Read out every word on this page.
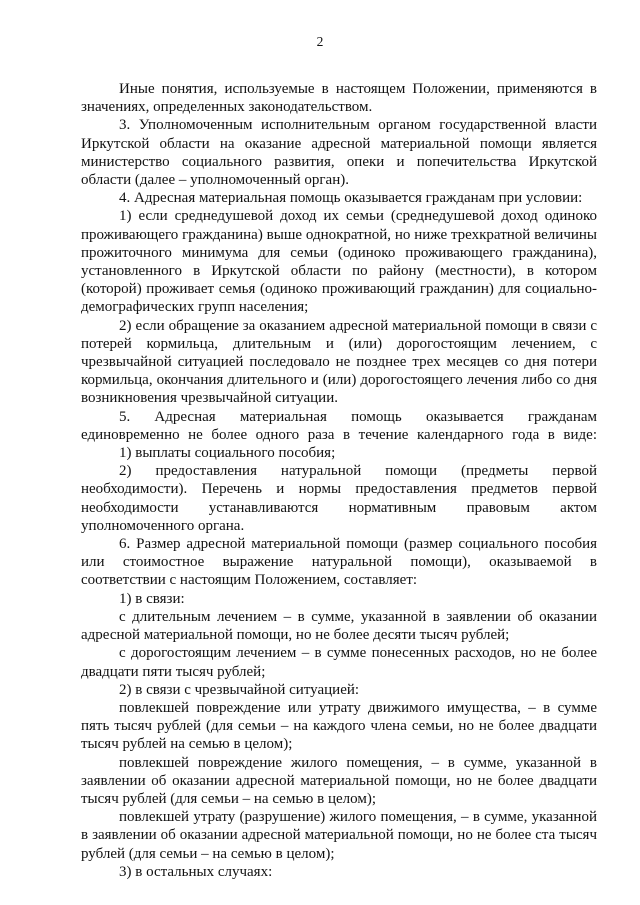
2

Иные понятия, используемые в настоящем Положении, применяются в значениях, определенных законодательством.

3. Уполномоченным исполнительным органом государственной власти Иркутской области на оказание адресной материальной помощи является министерство социального развития, опеки и попечительства Иркутской области (далее – уполномоченный орган).

4. Адресная материальная помощь оказывается гражданам при условии:

1) если среднедушевой доход их семьи (среднедушевой доход одиноко проживающего гражданина) выше однократной, но ниже трехкратной величины прожиточного минимума для семьи (одиноко проживающего гражданина), установленного в Иркутской области по району (местности), в котором (которой) проживает семья (одиноко проживающий гражданин) для социально-демографических групп населения;

2) если обращение за оказанием адресной материальной помощи в связи с потерей кормильца, длительным и (или) дорогостоящим лечением, с чрезвычайной ситуацией последовало не позднее трех месяцев со дня потери кормильца, окончания длительного и (или) дорогостоящего лечения либо со дня возникновения чрезвычайной ситуации.

5. Адресная материальная помощь оказывается гражданам единовременно не более одного раза в течение календарного года в виде:

1) выплаты социального пособия;

2) предоставления натуральной помощи (предметы первой необходимости). Перечень и нормы предоставления предметов первой необходимости устанавливаются нормативным правовым актом уполномоченного органа.

6. Размер адресной материальной помощи (размер социального пособия или стоимостное выражение натуральной помощи), оказываемой в соответствии с настоящим Положением, составляет:

1) в связи:

с длительным лечением – в сумме, указанной в заявлении об оказании адресной материальной помощи, но не более десяти тысяч рублей;

с дорогостоящим лечением – в сумме понесенных расходов, но не более двадцати пяти тысяч рублей;

2) в связи с чрезвычайной ситуацией:

повлекшей повреждение или утрату движимого имущества, – в сумме пять тысяч рублей (для семьи – на каждого члена семьи, но не более двадцати тысяч рублей на семью в целом);

повлекшей повреждение жилого помещения, – в сумме, указанной в заявлении об оказании адресной материальной помощи, но не более двадцати тысяч рублей (для семьи – на семью в целом);

повлекшей утрату (разрушение) жилого помещения, – в сумме, указанной в заявлении об оказании адресной материальной помощи, но не более ста тысяч рублей (для семьи – на семью в целом);

3) в остальных случаях:
